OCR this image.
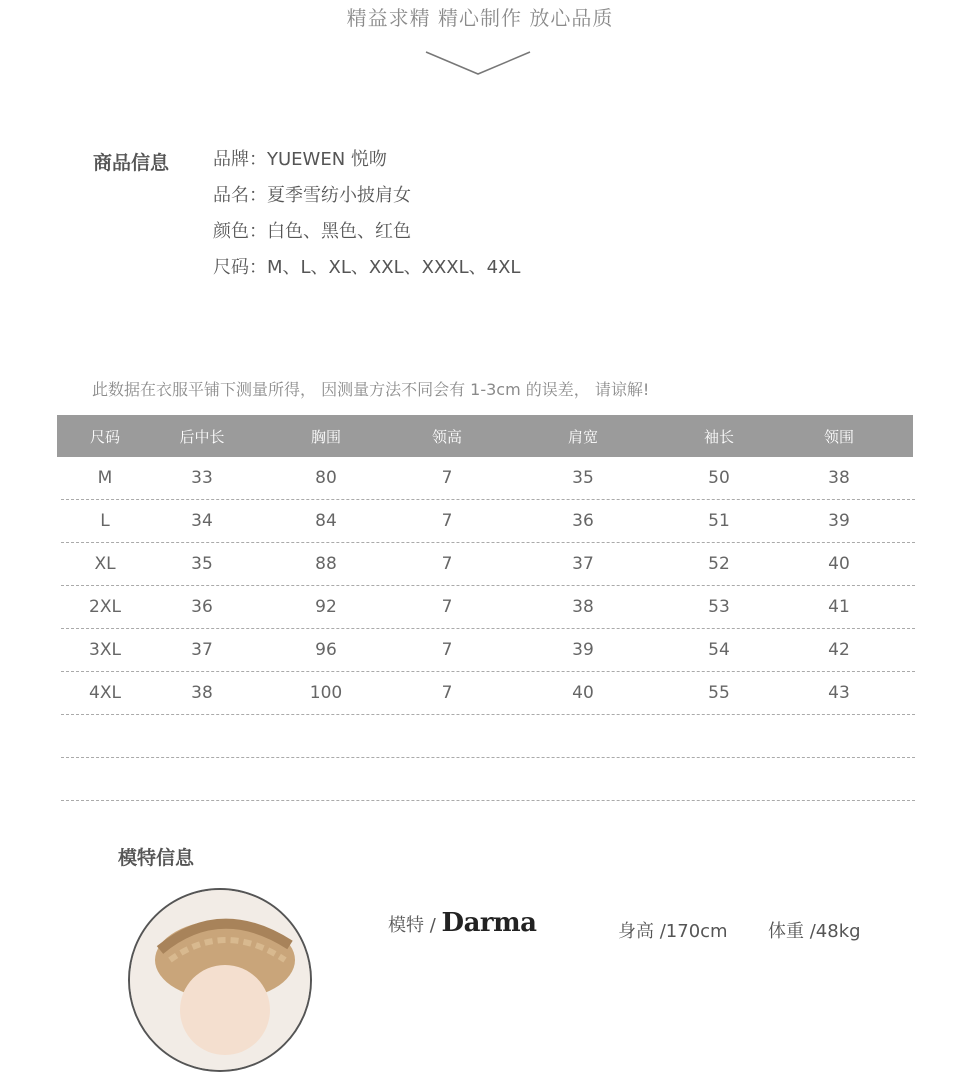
精益求精 精心制作 放心品质
商品信息 品牌：YUEWEN 悦吻
品名：夏季雪纺小披肩女
颜色：白色、黑色、红色
尺码：M、L、XL、XXL、XXXL、4XL
此数据在衣服平铺下测量所得， 因测量方法不同会有 1-3cm 的误差， 请谅解!
尺码	后中长	胸围	领高	肩宽	袖长	领围
M	33	80	7	35	50	38
L	34	84	7	36	51	39
XL	35	88	7	37	52	40
2XL	36	92	7	38	53	41
3XL	37	96	7	39	54	42
4XL	38	100	7	40	55	43
模特信息
模特 / Darma	身高 /170cm 体重 /48kg
